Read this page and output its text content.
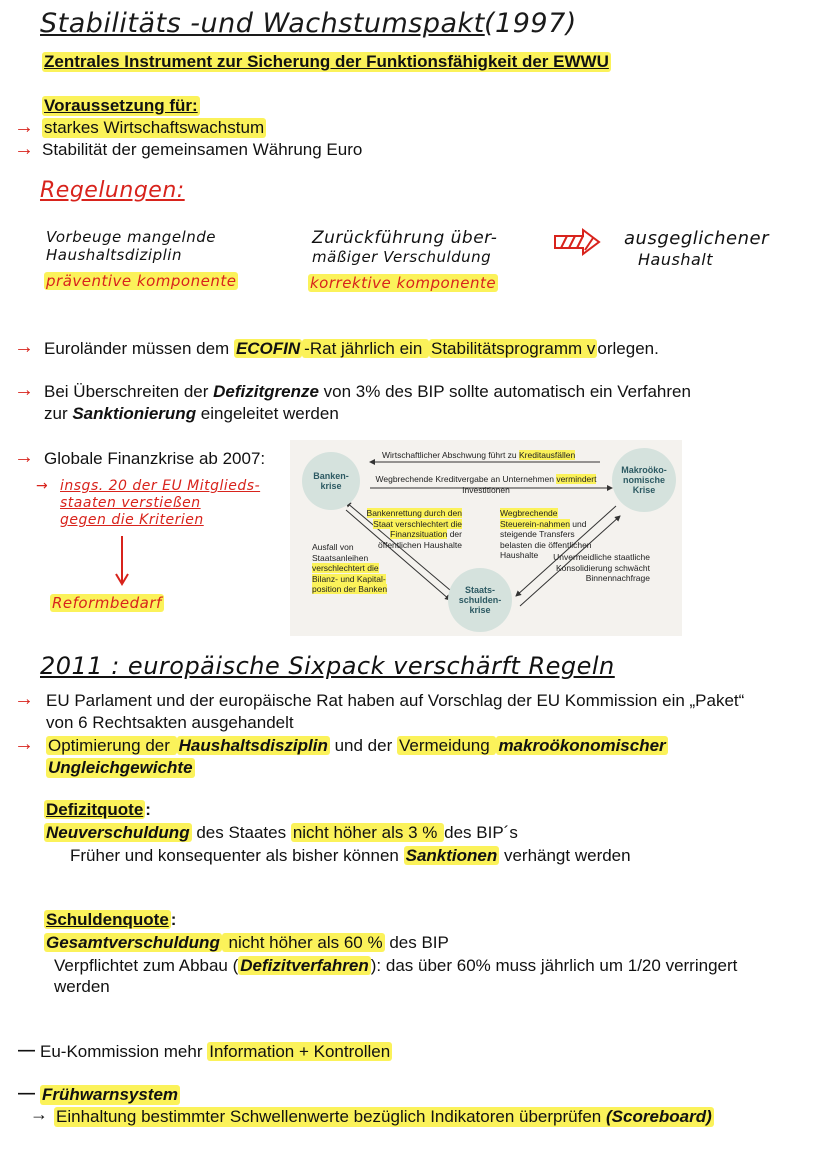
Stabilitäts -und Wachstumspakt (1997)
Zentrales Instrument zur Sicherung der Funktionsfähigkeit der EWWU
Voraussetzung für:
→ starkes Wirtschaftswachstum
→ Stabilität der gemeinsamen Währung Euro
Regelungen:
Vorbeuge mangelnde
Haushaltsdiziplin
präventive komponente
Zurückführung über-
mäßiger Verschuldung
korrektive komponente
ausgeglichener
Haushalt
→ Euroländer müssen dem ECOFIN -Rat jährlich ein Stabilitätsprogramm v orlegen.
→ Bei Überschreiten der Defizitgrenze von 3% des BIP sollte automatisch ein Verfahren
zur Sanktionierung eingeleitet werden
→ Globale Finanzkrise ab 2007:
→ insgs. 20 der EU Mitglieds-
staaten verstießen
gegen die Kriterien
Reformbedarf
Banken-
krise
Makroöko-
nomische
Krise
Staats-
schulden-
krise
Wirtschaftlicher Abschwung führt zu Kreditausfällen
Wegbrechende Kreditvergabe an Unternehmen vermindert
Investitionen
Bankenrettung durch den Staat verschlechtert die Finanzsituation der öffentlichen Haushalte
Wegbrechende Steuerein-nahmen und steigende Transfers belasten die öffentlichen Haushalte
Ausfall von Staatsanleihen verschlechtert die Bilanz- und Kapital-position der Banken
Unvermeidliche staatliche Konsolidierung schwächt Binnennachfrage
2011 : europäische Sixpack verschärft Regeln
→ EU Parlament und der europäische Rat haben auf Vorschlag der EU Kommission ein „Paket“
von 6 Rechtsakten ausgehandelt
→ Optimierung der Haushaltsdisziplin und der Vermeidung makroökonomischer
Ungleichgewichte
Defizitquote :
Neuverschuldung des Staates nicht höher als 3 % des BIP´s
Früher und konsequenter als bisher können Sanktionen verhängt werden
Schuldenquote :
Gesamtverschuldung nicht höher als 60 % des BIP
Verpflichtet zum Abbau ( Defizitverfahren ): das über 60% muss jährlich um 1/20 verringert
werden
— Eu-Kommission mehr Information + Kontrollen
— Frühwarnsystem
→ Einhaltung bestimmter Schwellenwerte bezüglich Indikatoren überprüfen (Scoreboard)
